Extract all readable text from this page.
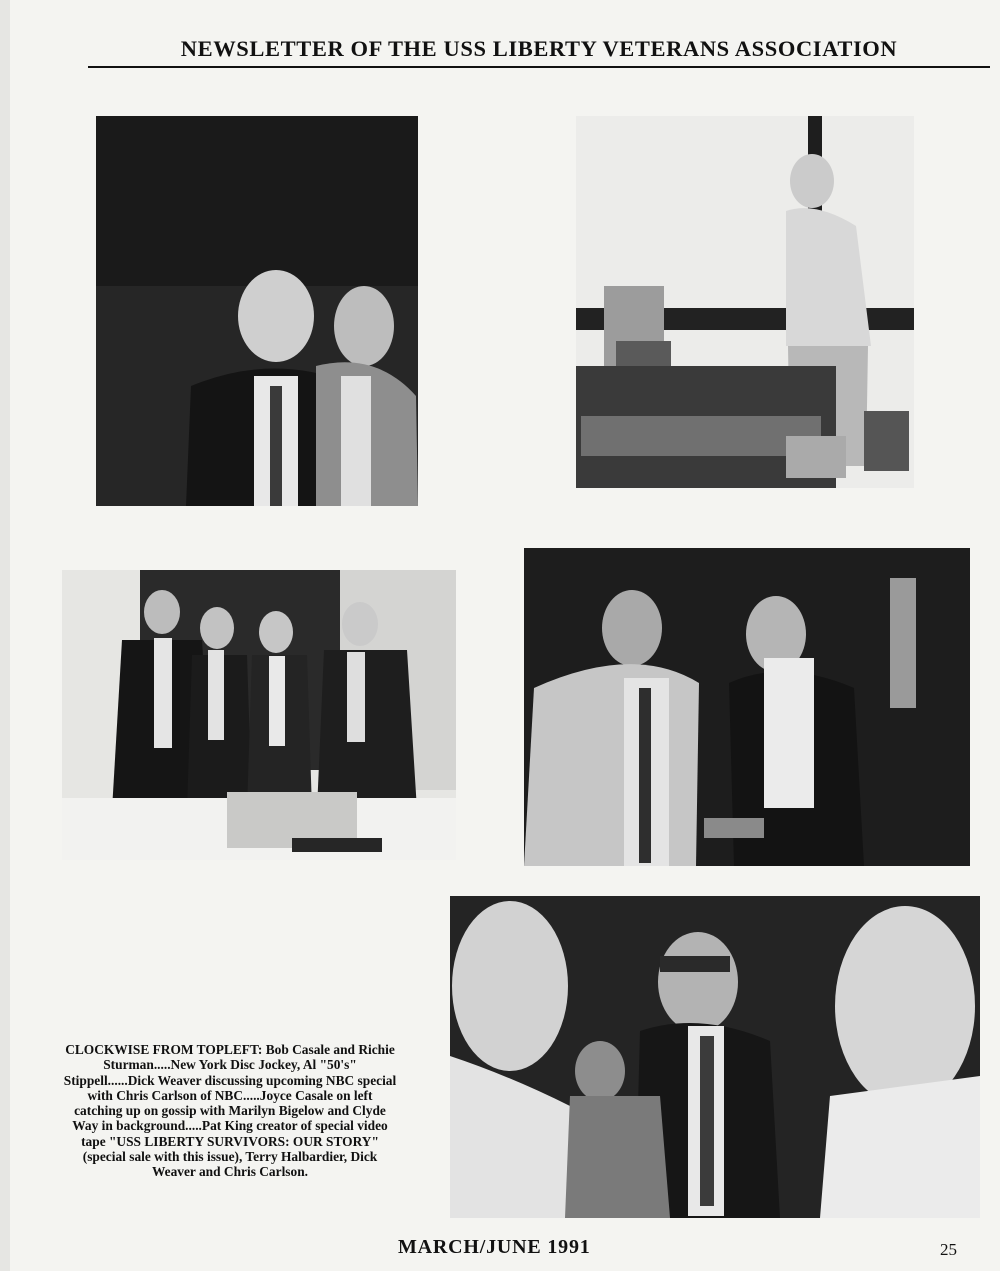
NEWSLETTER OF THE USS LIBERTY VETERANS ASSOCIATION
CLOCKWISE FROM TOPLEFT: Bob Casale and Richie Sturman.....New York Disc Jockey, Al "50's" Stippell......Dick Weaver discussing upcoming NBC special with Chris Carlson of NBC.....Joyce Casale on left catching up on gossip with Marilyn Bigelow and Clyde Way in background.....Pat King creator of special video tape "USS LIBERTY SURVIVORS: OUR STORY" (special sale with this issue), Terry Halbardier, Dick Weaver and Chris Carlson.
MARCH/JUNE 1991	25
